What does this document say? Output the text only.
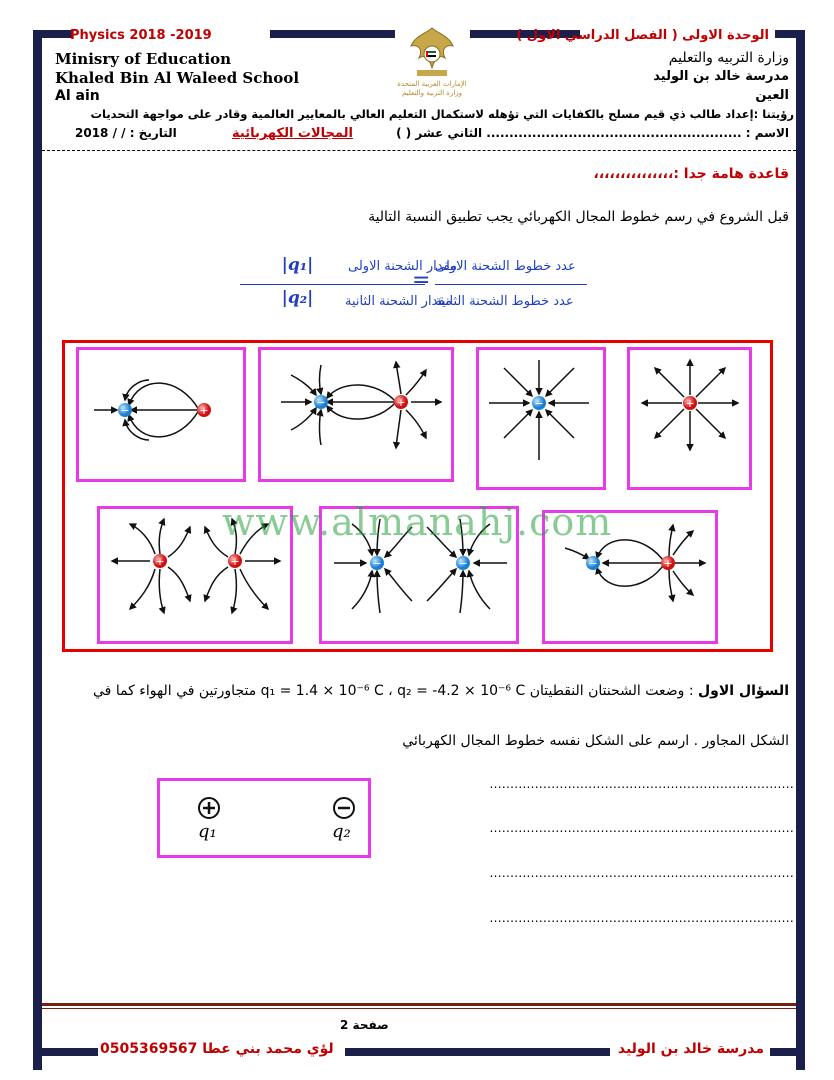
Physics 2018 -2019	الوحدة الاولى ( الفصل الدراسي الاول )
Minisry of Education	وزارة التربيه والتعليم
Khaled Bin Al Waleed School	مدرسة خالد بن الوليد
Al ain	العين
الإمارات العربية المتحدة
وزارة التربية والتعليم
رؤيتنا :إعداد طالب ذي قيم مسلح بالكفايات التي تؤهله لاستكمال التعليم العالي بالمعايير العالمية وقادر على مواجهة التحديات
الاسم : ........................................................ الثاني عشر ( )
المجالات الكهربائية
التاريخ : / / 2018
قاعدة هامة جدا :،،،،،،،،،،،،،،،
قبل الشروع في رسم خطوط المجال الكهربائي يجب تطبيق النسبة التالية
|q₁|	مقدار الشحنة الاولى
|q₂|	مقدار الشحنة الثانية
=
عدد خطوط الشحنة الاولى
عدد خطوط الشحنة الثانية
−	+
−	+	−	+
+	+	−	−	−	+
www.almanahj.com
السؤال الاول : وضعت الشحنتان النقطيتان q₁ = 1.4 × 10⁻⁶ C ، q₂ = -4.2 × 10⁻⁶ C متجاورتين في الهواء كما في
الشكل المجاور . ارسم على الشكل نفسه خطوط المجال الكهربائي
q₁	q₂
..........................................................................
..........................................................................
..........................................................................
..........................................................................
صفحة 2
لؤي محمد بني عطا 0505369567	مدرسة خالد بن الوليد
